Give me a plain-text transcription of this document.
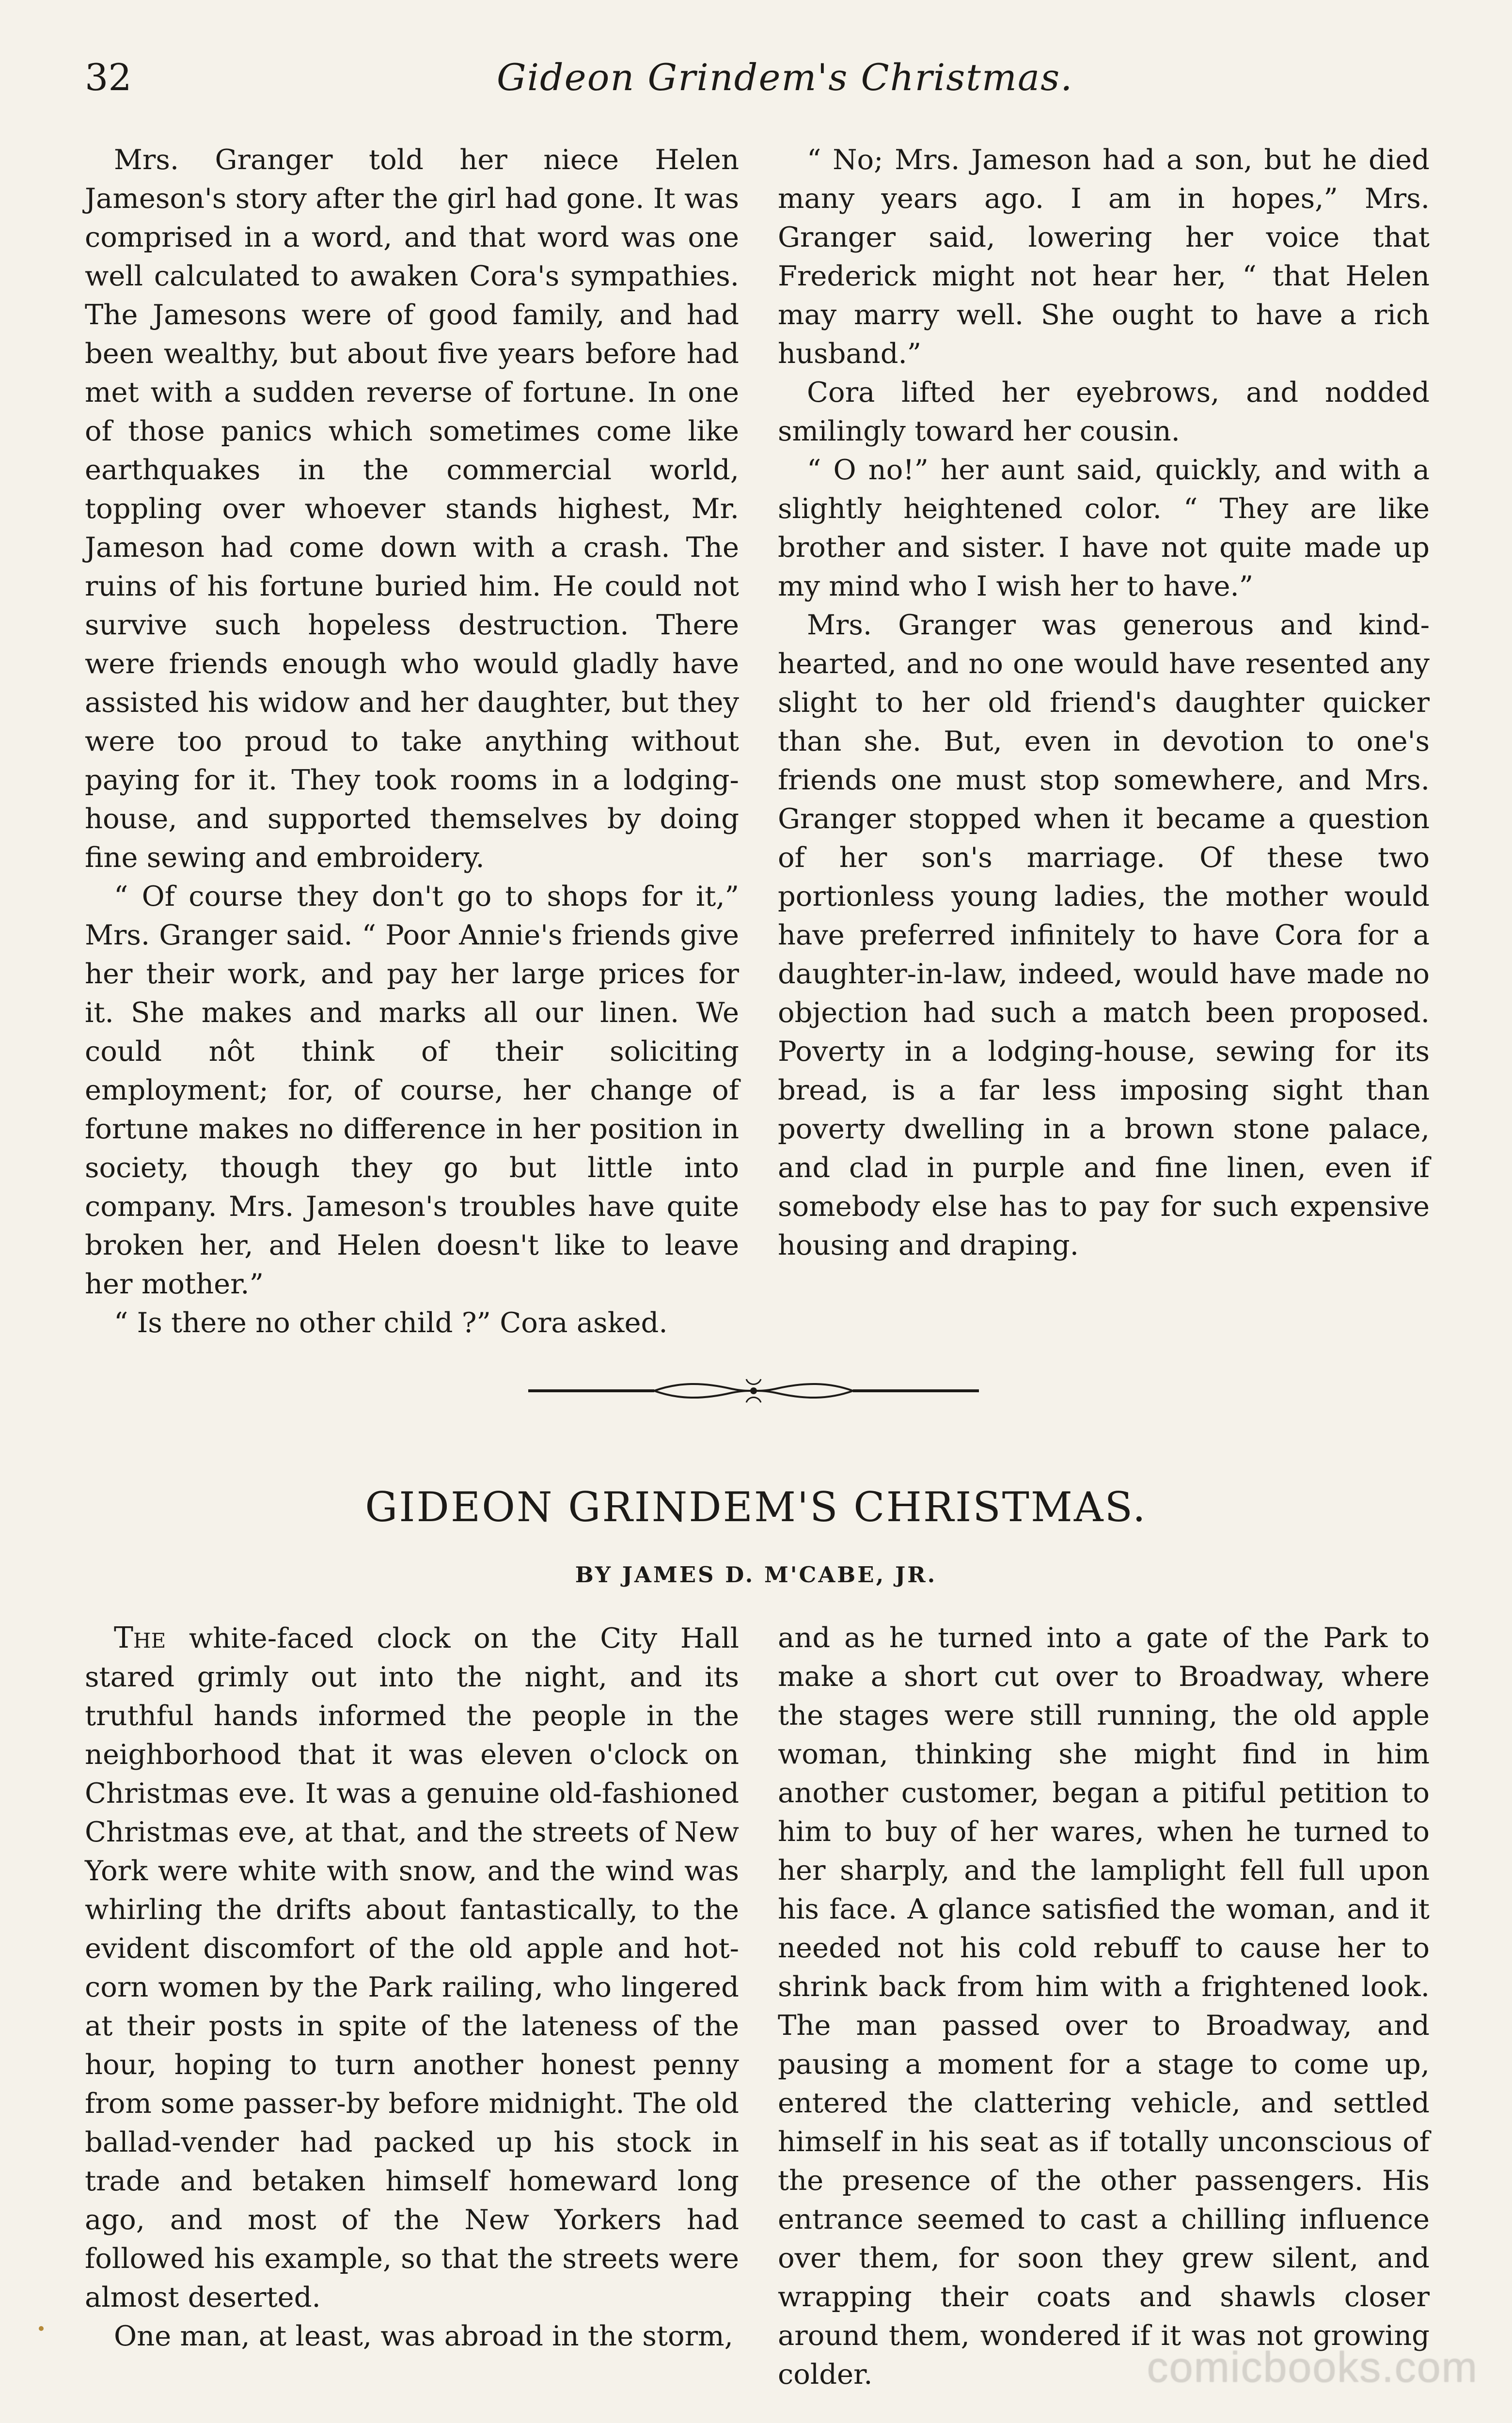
32	Gideon Grindem's Christmas.

Mrs. Granger told her niece Helen Jameson's story after the girl had gone. It was comprised in a word, and that word was one well calculated to awaken Cora's sympathies. The Jamesons were of good family, and had been wealthy, but about five years before had met with a sudden reverse of fortune. In one of those panics which sometimes come like earthquakes in the commercial world, toppling over whoever stands highest, Mr. Jameson had come down with a crash. The ruins of his fortune buried him. He could not survive such hopeless destruction. There were friends enough who would gladly have assisted his widow and her daughter, but they were too proud to take anything without paying for it. They took rooms in a lodging-house, and supported themselves by doing fine sewing and embroidery.

“ Of course they don't go to shops for it,” Mrs. Granger said. “ Poor Annie's friends give her their work, and pay her large prices for it. She makes and marks all our linen. We could nôt think of their soliciting employment; for, of course, her change of fortune makes no difference in her position in society, though they go but little into company. Mrs. Jameson's troubles have quite broken her, and Helen doesn't like to leave her mother.”

“ Is there no other child ?” Cora asked.

“ No; Mrs. Jameson had a son, but he died many years ago. I am in hopes,” Mrs. Granger said, lowering her voice that Frederick might not hear her, “ that Helen may marry well. She ought to have a rich husband.”

Cora lifted her eyebrows, and nodded smilingly toward her cousin.

“ O no!” her aunt said, quickly, and with a slightly heightened color. “ They are like brother and sister. I have not quite made up my mind who I wish her to have.”

Mrs. Granger was generous and kind-hearted, and no one would have resented any slight to her old friend's daughter quicker than she. But, even in devotion to one's friends one must stop somewhere, and Mrs. Granger stopped when it became a question of her son's marriage. Of these two portionless young ladies, the mother would have preferred infinitely to have Cora for a daughter-in-law, indeed, would have made no objection had such a match been proposed. Poverty in a lodging-house, sewing for its bread, is a far less imposing sight than poverty dwelling in a brown stone palace, and clad in purple and fine linen, even if somebody else has to pay for such expensive housing and draping.

GIDEON GRINDEM'S CHRISTMAS.
BY JAMES D. M'CABE, JR.

The white-faced clock on the City Hall stared grimly out into the night, and its truthful hands informed the people in the neighborhood that it was eleven o'clock on Christmas eve. It was a genuine old-fashioned Christmas eve, at that, and the streets of New York were white with snow, and the wind was whirling the drifts about fantastically, to the evident discomfort of the old apple and hot-corn women by the Park railing, who lingered at their posts in spite of the lateness of the hour, hoping to turn another honest penny from some passer-by before midnight. The old ballad-vender had packed up his stock in trade and betaken himself homeward long ago, and most of the New Yorkers had followed his example, so that the streets were almost deserted.

One man, at least, was abroad in the storm,

and as he turned into a gate of the Park to make a short cut over to Broadway, where the stages were still running, the old apple woman, thinking she might find in him another customer, began a pitiful petition to him to buy of her wares, when he turned to her sharply, and the lamplight fell full upon his face. A glance satisfied the woman, and it needed not his cold rebuff to cause her to shrink back from him with a frightened look. The man passed over to Broadway, and pausing a moment for a stage to come up, entered the clattering vehicle, and settled himself in his seat as if totally unconscious of the presence of the other passengers. His entrance seemed to cast a chilling influence over them, for soon they grew silent, and wrapping their coats and shawls closer around them, wondered if it was not growing colder.	comicbooks.com
